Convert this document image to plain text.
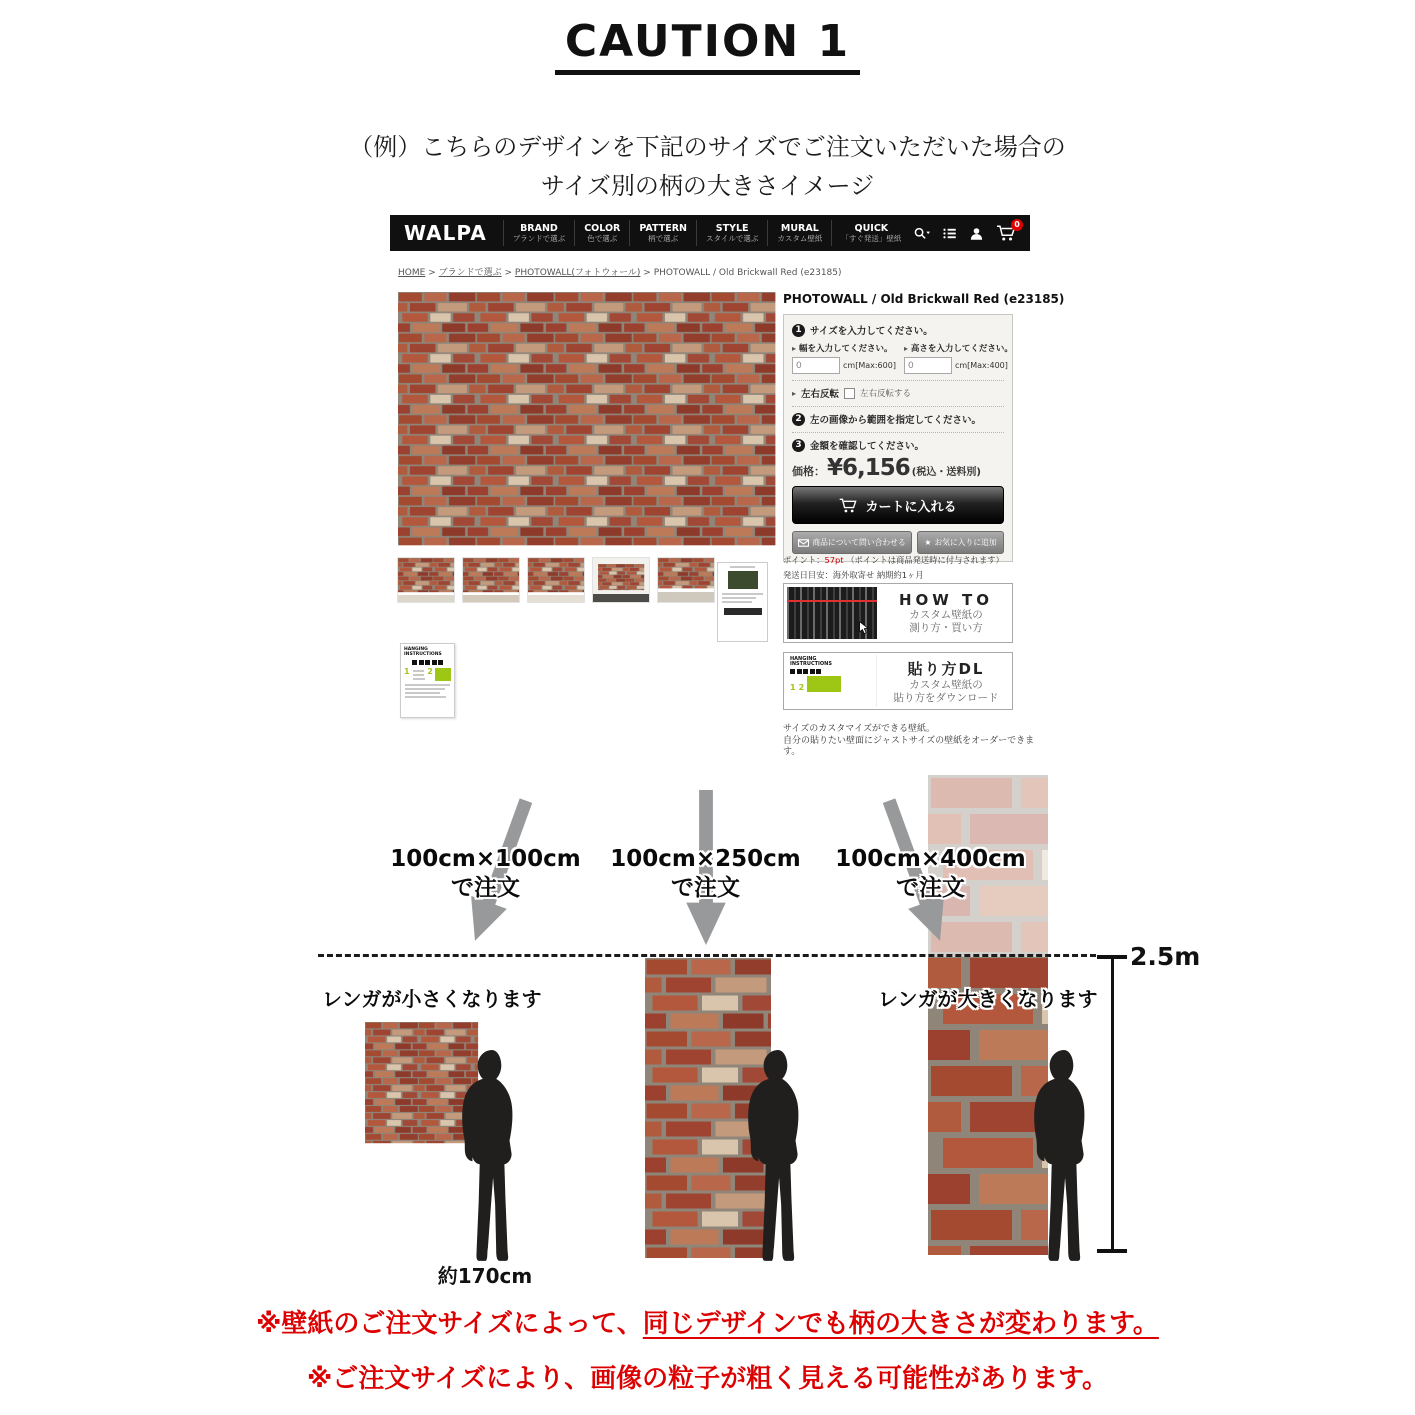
CAUTION 1
（例）こちらのデザインを下記のサイズでご注文いただいた場合の
サイズ別の柄の大きさイメージ
WALPA	BRAND
ブランドで選ぶ
COLOR
色で選ぶ
PATTERN
柄で選ぶ
STYLE
スタイルで選ぶ
MURAL
カスタム壁紙
QUICK
「すぐ発送」壁紙
0
HOME > ブランドで選ぶ > PHOTOWALL(フォトウォール) > PHOTOWALL / Old Brickwall Red (e23185)
HANGING
INSTRUCTIONS
1 2
PHOTOWALL / Old Brickwall Red (e23185)
1 サイズを入力してください。
▸ 幅を入力してください。
0
cm[Max:600]
▸ 高さを入力してください。
0
cm[Max:400]
▸ 左右反転 左右反転する
2 左の画像から範囲を指定してください。
3 金額を確認してください。
価格： ¥6,156 (税込・送料別)
カートに入れる
商品について問い合わせる ★ お気に入りに追加
ポイント：57pt （ポイントは商品発送時に付与されます）
発送日目安：海外取寄せ 納期約1ヶ月
HOW TO
カスタム壁紙の
測り方・買い方
HANGING
INSTRUCTIONS
1 2
貼り方DL
カスタム壁紙の
貼り方をダウンロード
サイズのカスタマイズができる壁紙。
自分の貼りたい壁面にジャストサイズの壁紙をオーダーできま
す。
100cm×100cm
で注文
100cm×250cm
で注文
100cm×400cm
で注文
レンガが小さくなります	レンガが大きくなります
2.5m
約170cm
※壁紙のご注文サイズによって、同じデザインでも柄の大きさが変わります。
※ご注文サイズにより、画像の粒子が粗く見える可能性があります。
